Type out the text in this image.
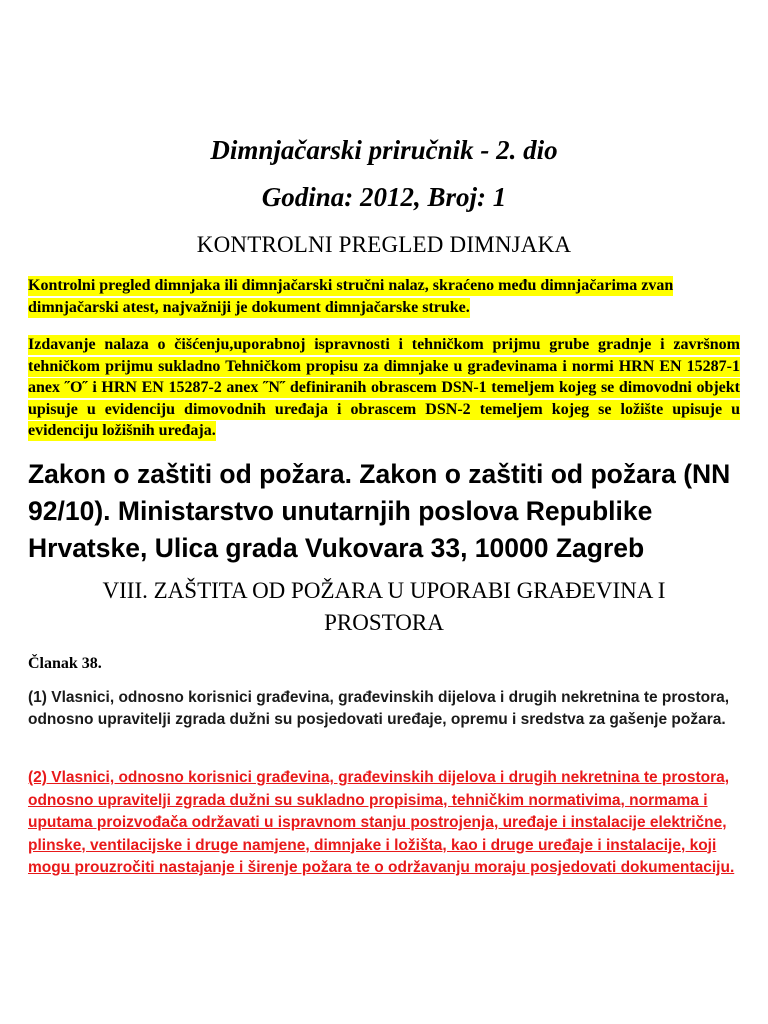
Dimnjačarski priručnik - 2. dio

Godina: 2012, Broj: 1

KONTROLNI PREGLED DIMNJAKA

Kontrolni pregled dimnjaka ili dimnjačarski stručni nalaz, skraćeno među dimnjačarima zvan dimnjačarski atest, najvažniji je dokument dimnjačarske struke.

Izdavanje nalaza o čišćenju,uporabnoj ispravnosti i tehničkom prijmu grube gradnje i završnom tehničkom prijmu sukladno Tehničkom propisu za dimnjake u građevinama i normi HRN EN 15287-1 anex ˝O˝ i HRN EN 15287-2 anex ˝N˝ definiranih obrascem DSN-1 temeljem kojeg se dimovodni objekt upisuje u evidenciju dimovodnih uređaja i obrascem DSN-2 temeljem kojeg se ložište upisuje u evidenciju ložišnih uređaja.

Zakon o zaštiti od požara. Zakon o zaštiti od požara (NN 92/10). Ministarstvo unutarnjih poslova Republike Hrvatske, Ulica grada Vukovara 33, 10000 Zagreb
VIII. ZAŠTITA OD POŽARA U UPORABI GRAĐEVINA I
PROSTORA

Članak 38.

(1) Vlasnici, odnosno korisnici građevina, građevinskih dijelova i drugih nekretnina te prostora, odnosno upravitelji zgrada dužni su posjedovati uređaje, opremu i sredstva za gašenje požara.

(2) Vlasnici, odnosno korisnici građevina, građevinskih dijelova i drugih nekretnina te prostora, odnosno upravitelji zgrada dužni su sukladno propisima, tehničkim normativima, normama i uputama proizvođača održavati u ispravnom stanju postrojenja, uređaje i instalacije električne, plinske, ventilacijske i druge namjene, dimnjake i ložišta, kao i druge uređaje i instalacije, koji mogu prouzročiti nastajanje i širenje požara te o održavanju moraju posjedovati dokumentaciju.
